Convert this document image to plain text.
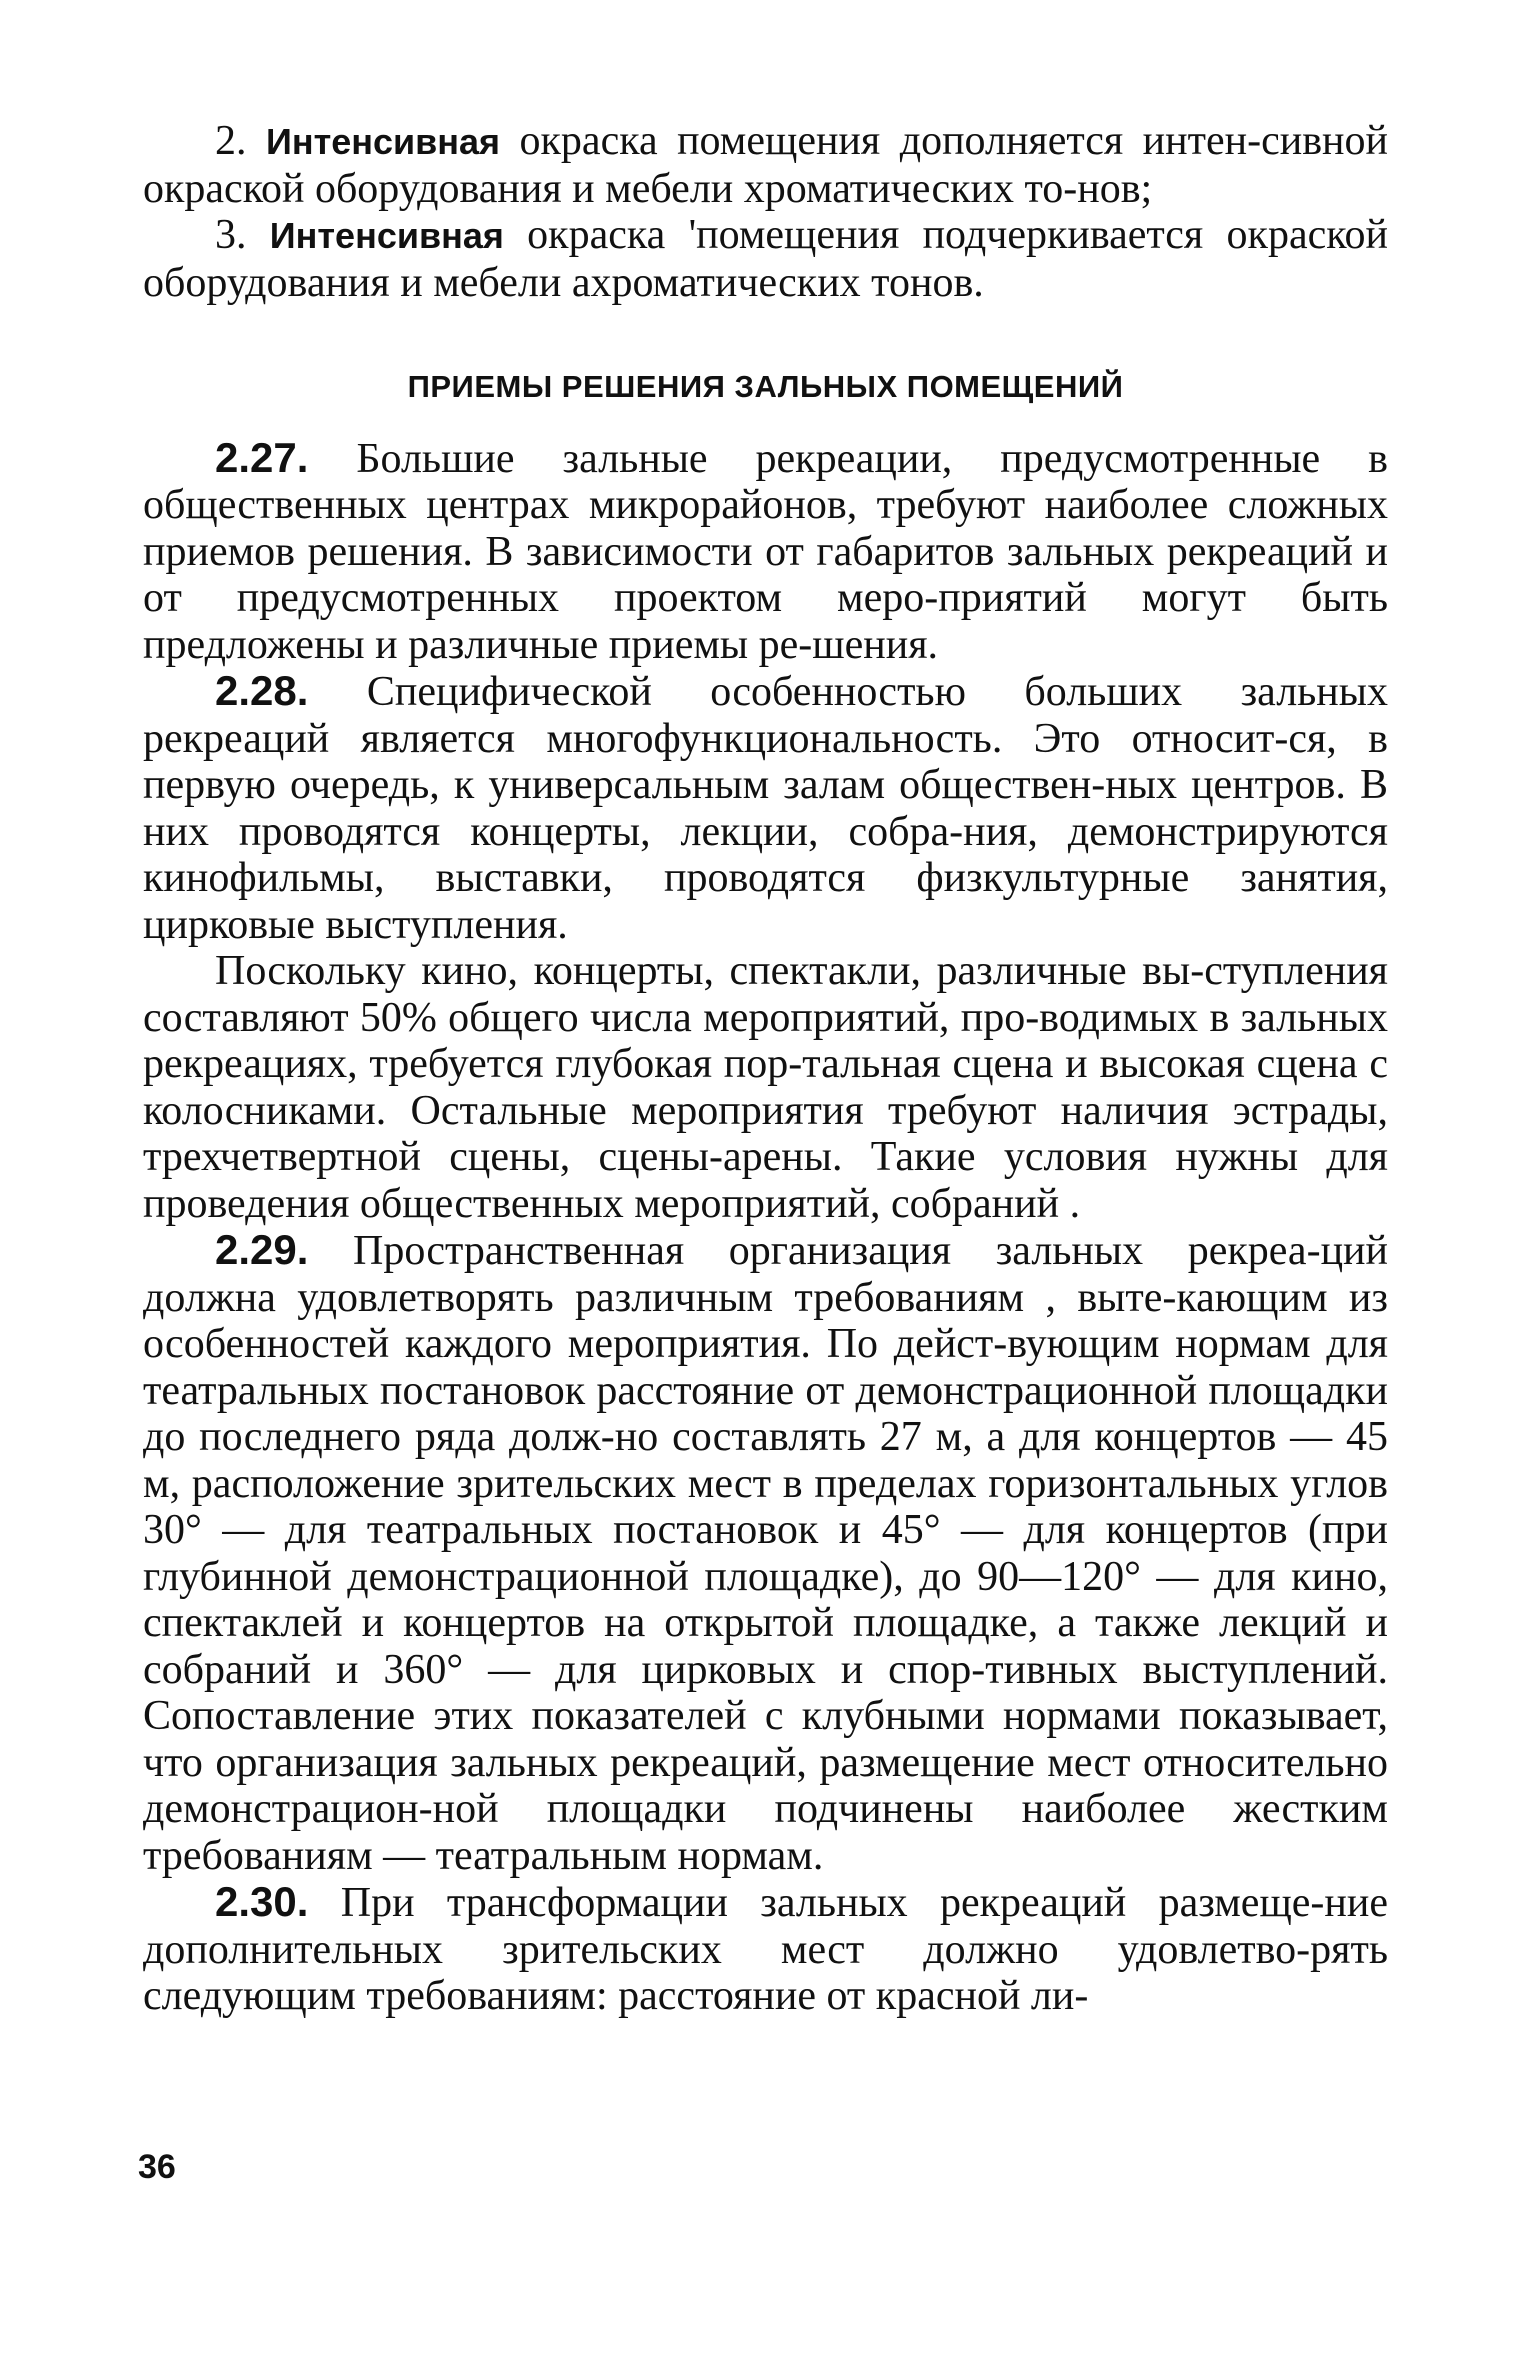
2. Интенсивная окраска помещения дополняется интен-сивной окраской оборудования и мебели хроматических то-нов;

3. Интенсивная окраска 'помещения подчеркивается окраской оборудования и мебели ахроматических тонов.

ПРИЕМЫ РЕШЕНИЯ ЗАЛЬНЫХ ПОМЕЩЕНИЙ

2.27. Большие зальные рекреации, предусмотренные в общественных центрах микрорайонов, требуют наиболее сложных приемов решения. В зависимости от габаритов зальных рекреаций и от предусмотренных проектом меро-приятий могут быть предложены и различные приемы ре-шения.

2.28. Специфической особенностью больших зальных рекреаций является многофункциональность. Это относит-ся, в первую очередь, к универсальным залам обществен-ных центров. В них проводятся концерты, лекции, собра-ния, демонстрируются кинофильмы, выставки, проводятся физкультурные занятия, цирковые выступления.

Поскольку кино, концерты, спектакли, различные вы-ступления составляют 50% общего числа мероприятий, про-водимых в зальных рекреациях, требуется глубокая пор-тальная сцена и высокая сцена с колосниками. Остальные мероприятия требуют наличия эстрады, трехчетвертной сцены, сцены-арены. Такие условия нужны для проведения общественных мероприятий, собраний .

2.29. Пространственная организация зальных рекреа-ций должна удовлетворять различным требованиям , выте-кающим из особенностей каждого мероприятия. По дейст-вующим нормам для театральных постановок расстояние от демонстрационной площадки до последнего ряда долж-но составлять 27 м, а для концертов — 45 м, расположение зрительских мест в пределах горизонтальных углов 30° — для театральных постановок и 45° — для концертов (при глубинной демонстрационной площадке), до 90—120° — для кино, спектаклей и концертов на открытой площадке, а также лекций и собраний и 360° — для цирковых и спор-тивных выступлений. Сопоставление этих показателей с клубными нормами показывает, что организация зальных рекреаций, размещение мест относительно демонстрацион-ной площадки подчинены наиболее жестким требованиям — театральным нормам.

2.30. При трансформации зальных рекреаций размеще-ние дополнительных зрительских мест должно удовлетво-рять следующим требованиям: расстояние от красной ли-

36
